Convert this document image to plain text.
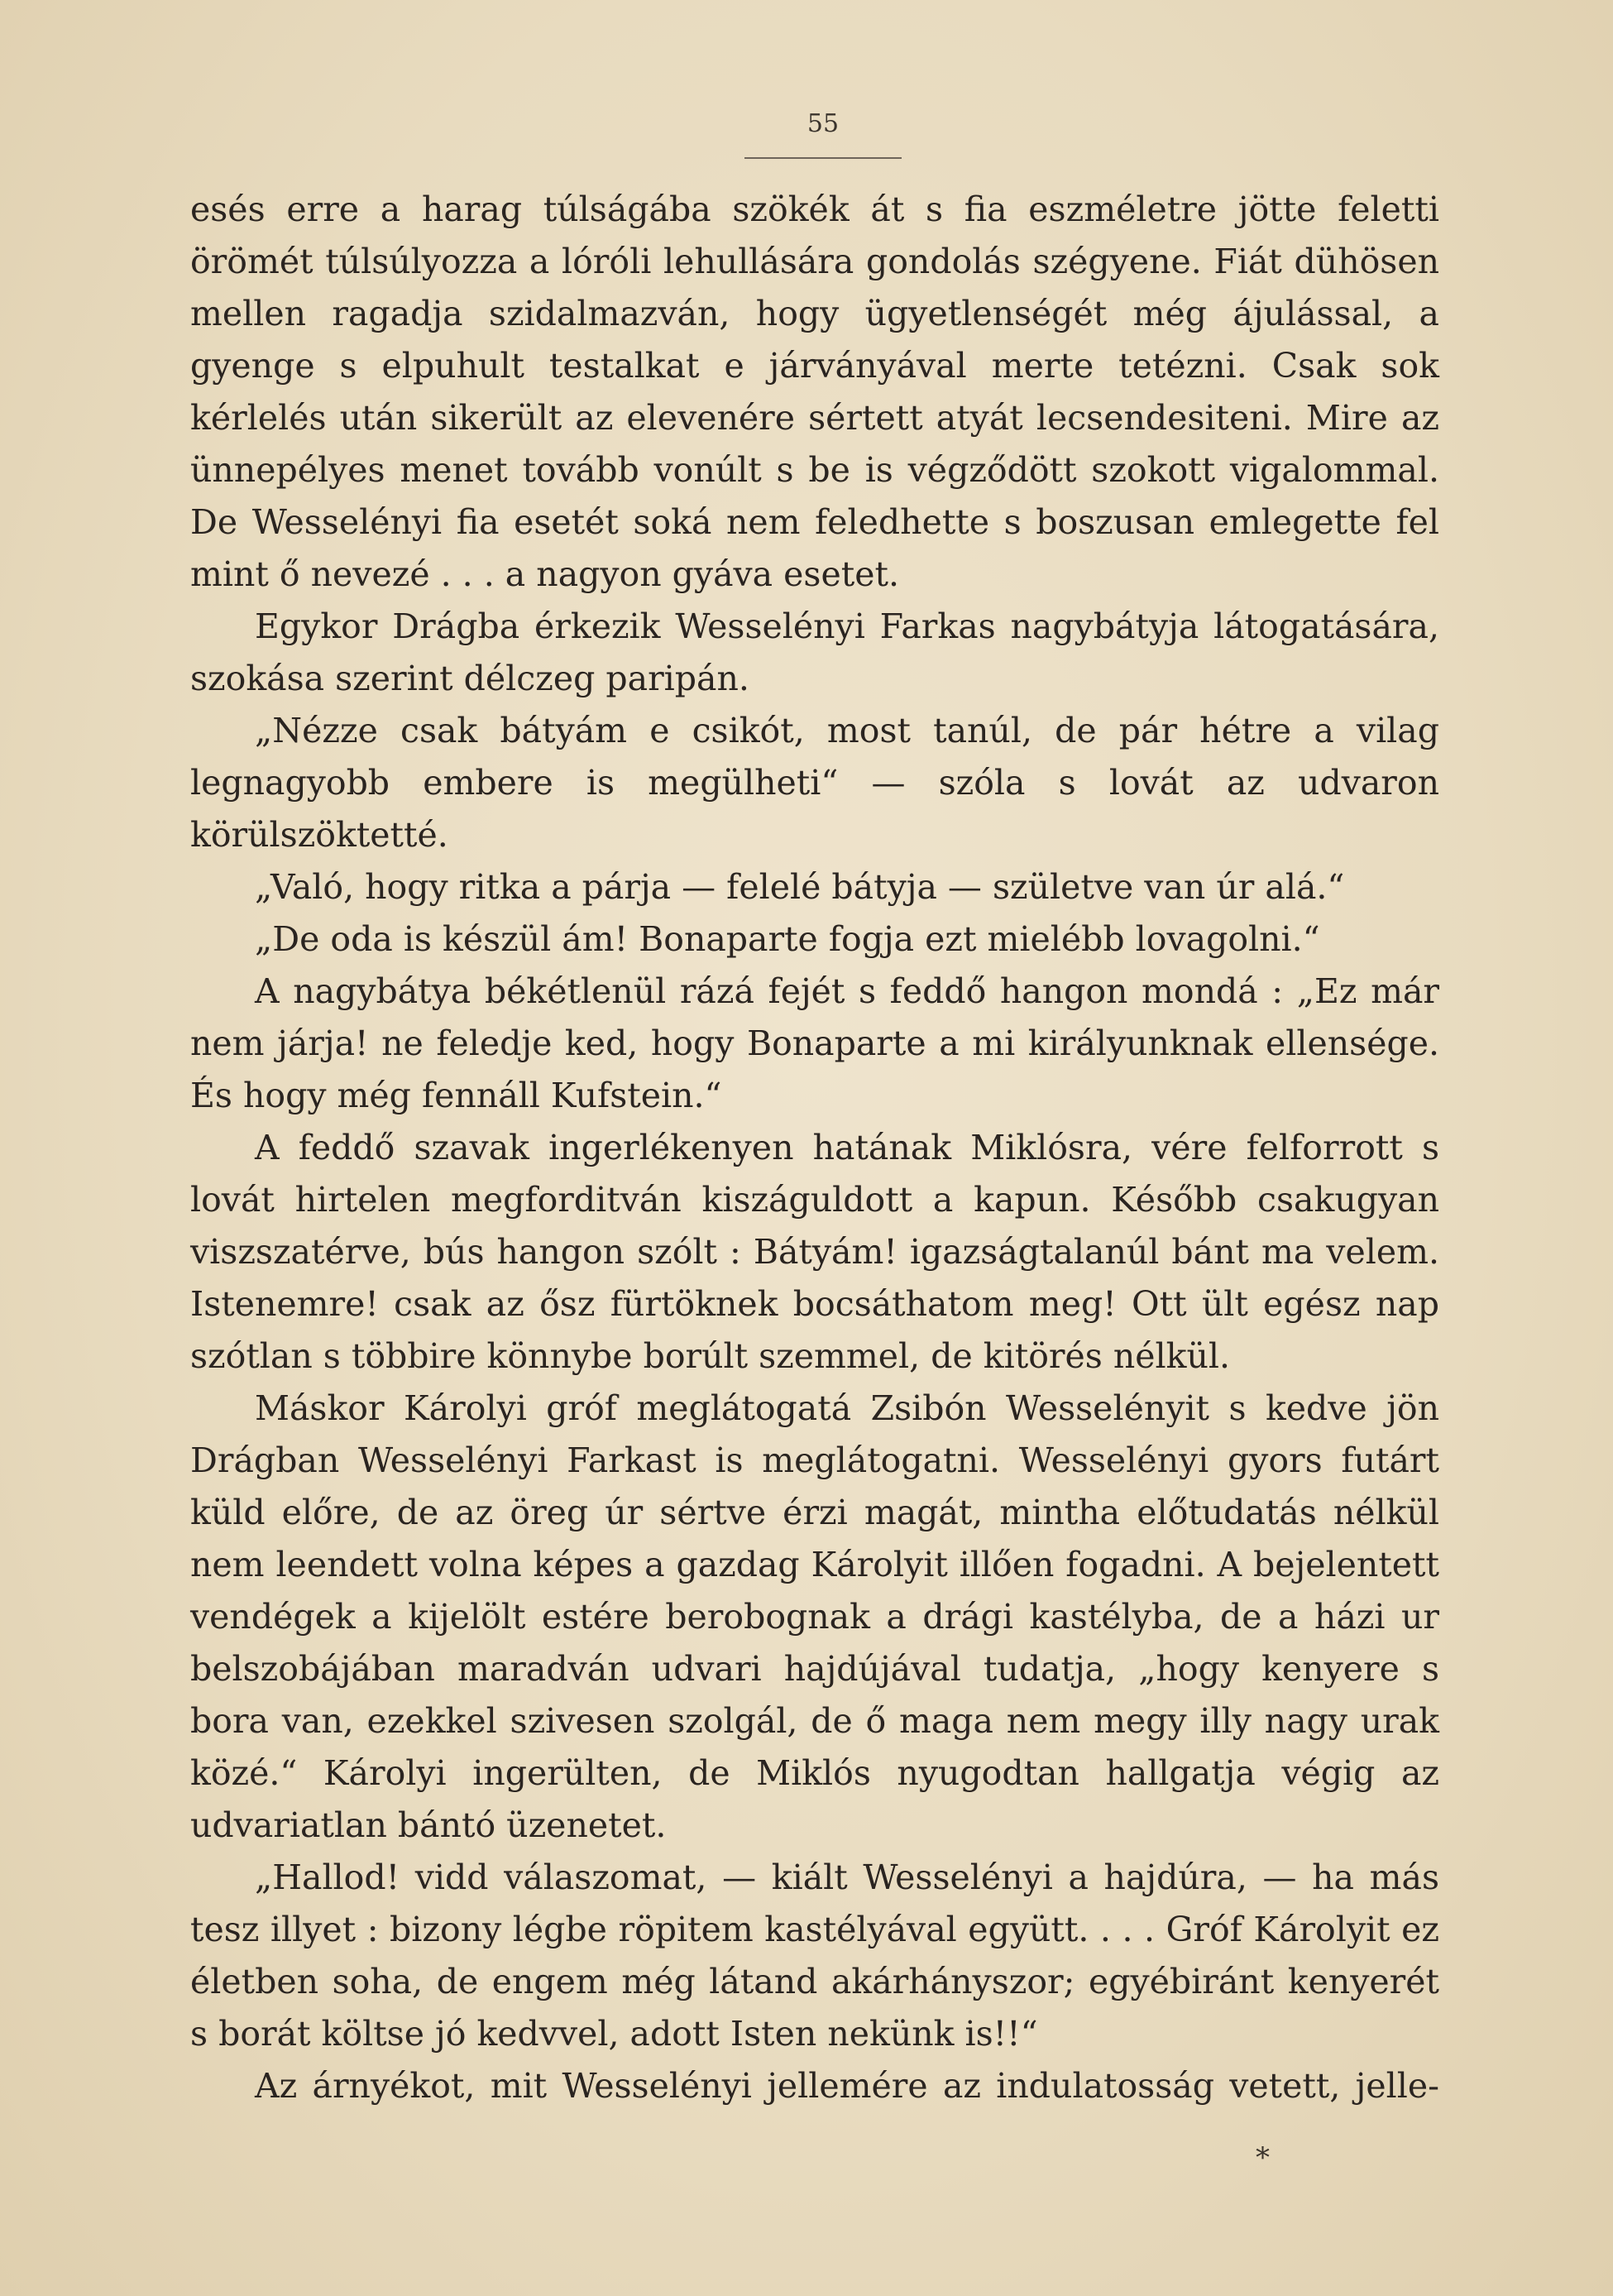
55

esés erre a harag túlságába szökék át s fia eszméletre jötte feletti örömét túlsúlyozza a lóróli lehullására gondolás szégyene. Fiát dühösen mellen ragadja szidalmazván, hogy ügyetlenségét még ájulással, a gyenge s elpuhult testalkat e járványával merte tetézni. Csak sok kérlelés után sikerült az elevenére sértett atyát lecsendesiteni. Mire az ünnepélyes menet tovább vonúlt s be is végződött szokott vigalommal. De Wesselényi fia esetét soká nem feledhette s boszusan emlegette fel mint ő nevezé . . . a nagyon gyáva esetet.

Egykor Drágba érkezik Wesselényi Farkas nagybátyja látogatására, szokása szerint délczeg paripán.

„Nézze csak bátyám e csikót, most tanúl, de pár hétre a vilag legnagyobb embere is megülheti“ — szóla s lovát az udvaron körülszöktetté.

„Való, hogy ritka a párja — felelé bátyja — születve van úr alá.“

„De oda is készül ám! Bonaparte fogja ezt mielébb lovagolni.“

A nagybátya békétlenül rázá fejét s feddő hangon mondá : „Ez már nem járja! ne feledje ked, hogy Bonaparte a mi királyunknak ellensége. És hogy még fennáll Kufstein.“

A feddő szavak ingerlékenyen hatának Miklósra, vére felforrott s lovát hirtelen megforditván kiszáguldott a kapun. Később csakugyan viszszatérve, bús hangon szólt : Bátyám! igazságtalanúl bánt ma velem. Istenemre! csak az ősz fürtöknek bocsáthatom meg! Ott ült egész nap szótlan s többire könnybe borúlt szemmel, de kitörés nélkül.

Máskor Károlyi gróf meglátogatá Zsibón Wesselényit s kedve jön Drágban Wesselényi Farkast is meglátogatni. Wesselényi gyors futárt küld előre, de az öreg úr sértve érzi magát, mintha előtudatás nélkül nem leendett volna képes a gazdag Károlyit illően fogadni. A bejelentett vendégek a kijelölt estére berobognak a drági kastélyba, de a házi ur belszobájában maradván udvari hajdújával tudatja, „hogy kenyere s bora van, ezekkel szivesen szolgál, de ő maga nem megy illy nagy urak közé.“ Károlyi ingerülten, de Miklós nyugodtan hallgatja végig az udvariatlan bántó üzenetet.

„Hallod! vidd válaszomat, — kiált Wesselényi a hajdúra, — ha más tesz illyet : bizony légbe röpitem kastélyával együtt. . . . Gróf Károlyit ez életben soha, de engem még látand akárhányszor; egyébiránt kenyerét s borát költse jó kedvvel, adott Isten nekünk is!!“

Az árnyékot, mit Wesselényi jellemére az indulatosság vetett, jelle-

*
